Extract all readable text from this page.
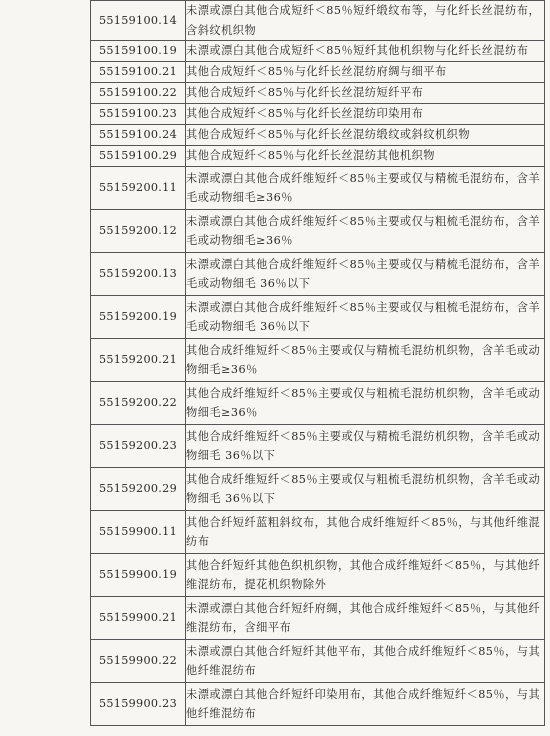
55159100.14	未漂或漂白其他合成短纤＜85％短纤缎纹布等，与化纤长丝混纺布，含斜纹机织物
55159100.19	未漂或漂白其他合成短纤＜85％短纤其他机织物与化纤长丝混纺布
55159100.21	其他合成短纤＜85％与化纤长丝混纺府绸与细平布
55159100.22	其他合成短纤＜85％与化纤长丝混纺短纤平布
55159100.23	其他合成短纤＜85％与化纤长丝混纺印染用布
55159100.24	其他合成短纤＜85％与化纤长丝混纺缎纹或斜纹机织物
55159100.29	其他合成短纤＜85％与化纤长丝混纺其他机织物
55159200.11	未漂或漂白其他合成纤维短纤＜85％主要或仅与精梳毛混纺布，含羊毛或动物细毛≥36％
55159200.12	未漂或漂白其他合成纤维短纤＜85％主要或仅与粗梳毛混纺布，含羊毛或动物细毛≥36％
55159200.13	未漂或漂白其他合成纤维短纤＜85％主要或仅与精梳毛混纺布，含羊毛或动物细毛 36％以下
55159200.19	未漂或漂白其他合成纤维短纤＜85％主要或仅与粗梳毛混纺布，含羊毛或动物细毛 36％以下
55159200.21	其他合成纤维短纤＜85％主要或仅与精梳毛混纺机织物，含羊毛或动物细毛≥36％
55159200.22	其他合成纤维短纤＜85％主要或仅与粗梳毛混纺机织物，含羊毛或动物细毛≥36％
55159200.23	其他合成纤维短纤＜85％主要或仅与精梳毛混纺机织物，含羊毛或动物细毛 36％以下
55159200.29	其他合成纤维短纤＜85％主要或仅与粗梳毛混纺机织物，含羊毛或动物细毛 36％以下
55159900.11	其他合纤短纤蓝粗斜纹布，其他合成纤维短纤＜85％，与其他纤维混纺布
55159900.19	其他合纤短纤其他色织机织物，其他合成纤维短纤＜85％，与其他纤维混纺布，提花机织物除外
55159900.21	未漂或漂白其他合纤短纤府绸，其他合成纤维短纤＜85％，与其他纤维混纺布，含细平布
55159900.22	未漂或漂白其他合纤短纤其他平布，其他合成纤维短纤＜85％，与其他纤维混纺布
55159900.23	未漂或漂白其他合纤短纤印染用布，其他合成纤维短纤＜85％，与其他纤维混纺布
